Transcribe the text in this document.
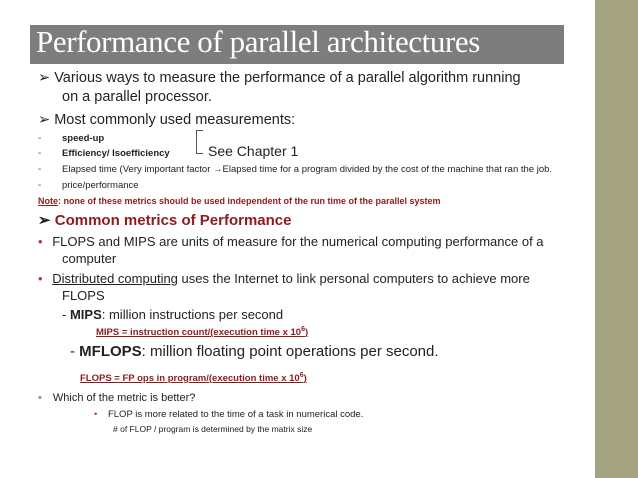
Performance of parallel architectures
➢ Various ways to measure the performance of a parallel algorithm running
on a parallel processor.
➢ Most commonly used measurements:
- speed-up
- Efficiency/ Isoefficiency	See Chapter 1
- Elapsed time (Very important factor →Elapsed time for a program divided by the cost of the machine that ran the job.
- price/performance
Note: none of these metrics should be used independent of the run time of the parallel system
➢ Common metrics of Performance
• FLOPS and MIPS are units of measure for the numerical computing performance of a
computer
• Distributed computing uses the Internet to link personal computers to achieve more
FLOPS
- MIPS: million instructions per second
MIPS = instruction count/(execution time x $10^6$)
- MFLOPS: million floating point operations per second.
FLOPS = FP ops in program/(execution time x $10^6$)
• Which of the metric is better?
• FLOP is more related to the time of a task in numerical code.
# of FLOP / program is determined by the matrix size
